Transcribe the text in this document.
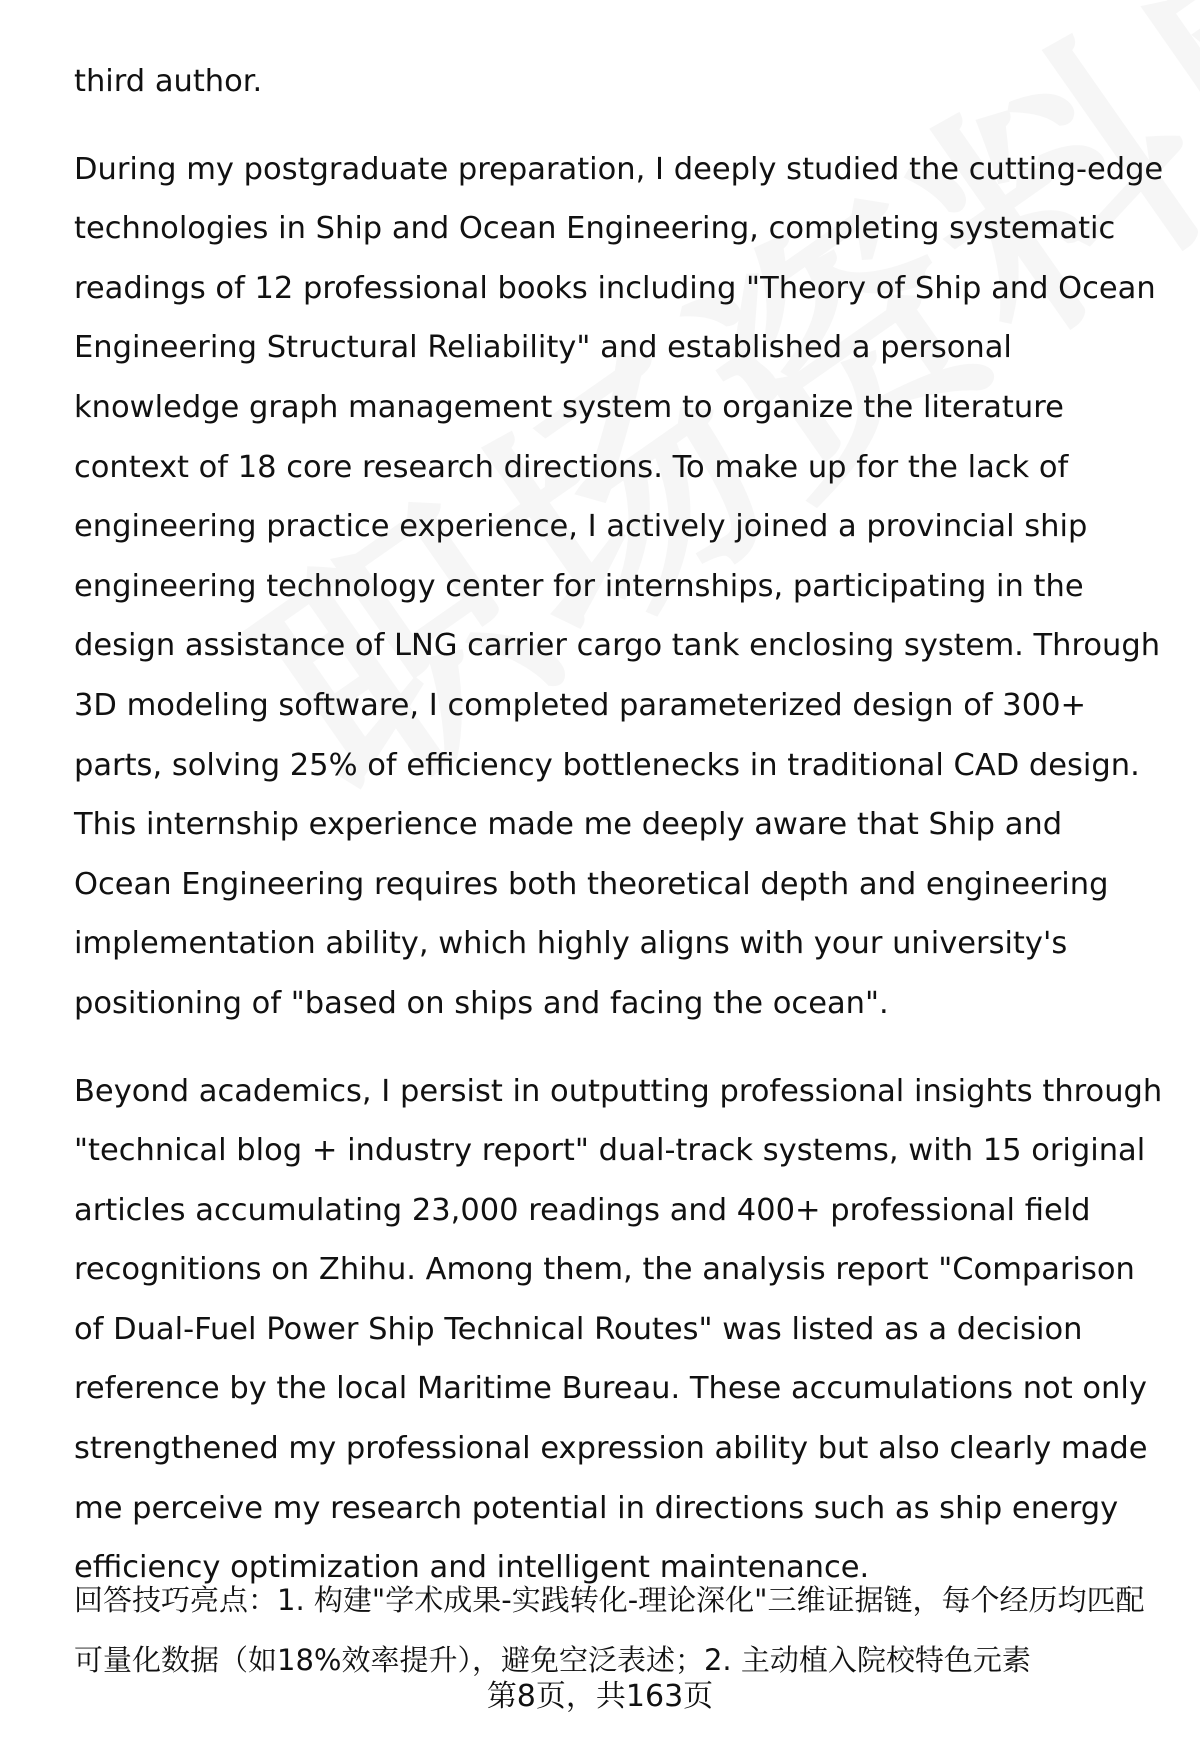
third author.

During my postgraduate preparation, I deeply studied the cutting-edge technologies in Ship and Ocean Engineering, completing systematic readings of 12 professional books including "Theory of Ship and Ocean Engineering Structural Reliability" and established a personal knowledge graph management system to organize the literature context of 18 core research directions. To make up for the lack of engineering practice experience, I actively joined a provincial ship engineering technology center for internships, participating in the design assistance of LNG carrier cargo tank enclosing system. Through 3D modeling software, I completed parameterized design of 300+ parts, solving 25% of efficiency bottlenecks in traditional CAD design. This internship experience made me deeply aware that Ship and Ocean Engineering requires both theoretical depth and engineering implementation ability, which highly aligns with your university's positioning of "based on ships and facing the ocean".

Beyond academics, I persist in outputting professional insights through "technical blog + industry report" dual-track systems, with 15 original articles accumulating 23,000 readings and 400+ professional field recognitions on Zhihu. Among them, the analysis report "Comparison of Dual-Fuel Power Ship Technical Routes" was listed as a decision reference by the local Maritime Bureau. These accumulations not only strengthened my professional expression ability but also clearly made me perceive my research potential in directions such as ship energy efficiency optimization and intelligent maintenance.

回答技巧亮点：1. 构建"学术成果-实践转化-理论深化"三维证据链，每个经历均匹配可量化数据（如18%效率提升），避免空泛表述；2. 主动植入院校特色元素
第8页，共163页
